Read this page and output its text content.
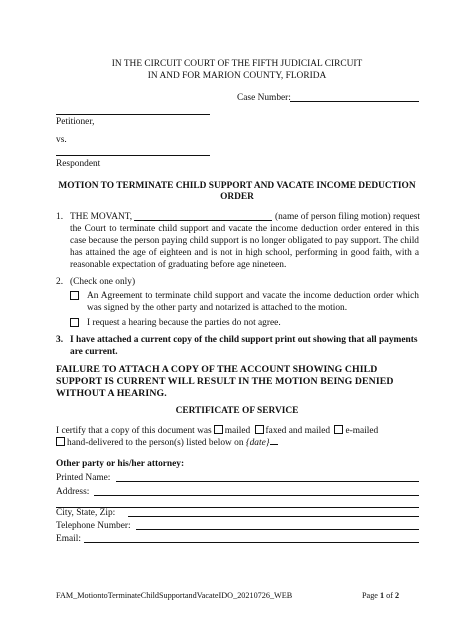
IN THE CIRCUIT COURT OF THE FIFTH JUDICIAL CIRCUIT
IN AND FOR MARION COUNTY, FLORIDA
Case Number:
Petitioner,
vs.
Respondent
MOTION TO TERMINATE CHILD SUPPORT AND VACATE INCOME DEDUCTION
ORDER
1. THE MOVANT,	(name of person filing motion) request
the Court to terminate child support and vacate the income deduction order entered in this case because the person paying child support is no longer obligated to pay support. The child has attained the age of eighteen and is not in high school, performing in good faith, with a reasonable expectation of graduating before age nineteen.
2. (Check one only)
An Agreement to terminate child support and vacate the income deduction order which was signed by the other party and notarized is attached to the motion.
I request a hearing because the parties do not agree.
3. I have attached a current copy of the child support print out showing that all payments are current.
FAILURE TO ATTACH A COPY OF THE ACCOUNT SHOWING CHILD SUPPORT IS CURRENT WILL RESULT IN THE MOTION BEING DENIED WITHOUT A HEARING.
CERTIFICATE OF SERVICE
I certify that a copy of this document was mailed faxed and mailed e-mailed
hand-delivered to the person(s) listed below on {date}
Other party or his/her attorney:
Printed Name:
Address:
City, State, Zip:
Telephone Number:
Email:
FAM_MotiontoTerminateChildSupportandVacateIDO_20210726_WEB	Page 1 of 2
